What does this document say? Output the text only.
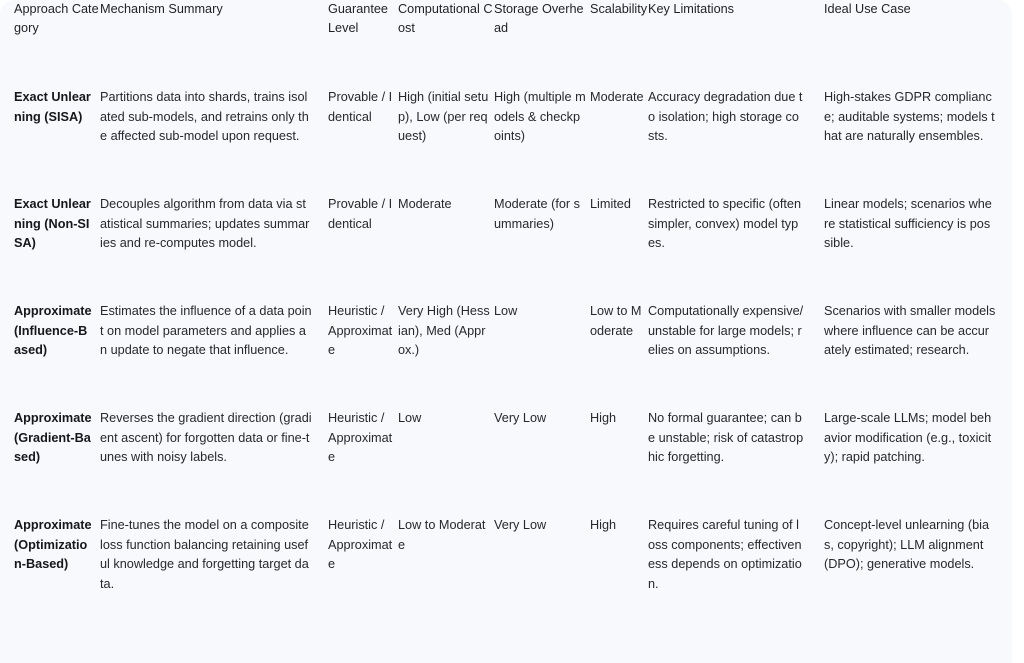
Approach Category	Mechanism Summary	Guarantee Level	Computational Cost	Storage Overhead	Scalability	Key Limitations	Ideal Use Case
Exact Unlearning (SISA)	Partitions data into shards, trains isolated sub-models, and retrains only the affected sub-model upon request.	Provable / Identical	High (initial setup), Low (per request)	High (multiple models & checkpoints)	Moderate	Accuracy degradation due to isolation; high storage costs.	High-stakes GDPR compliance; auditable systems; models that are naturally ensembles.
Exact Unlearning (Non-SISA)	Decouples algorithm from data via statistical summaries; updates summaries and re-computes model.	Provable / Identical	Moderate	Moderate (for summaries)	Limited	Restricted to specific (often simpler, convex) model types.	Linear models; scenarios where statistical sufficiency is possible.
Approximate (Influence-Based)	Estimates the influence of a data point on model parameters and applies an update to negate that influence.	Heuristic / Approximate	Very High (Hessian), Med (Approx.)	Low	Low to Moderate	Computationally expensive/unstable for large models; relies on assumptions.	Scenarios with smaller models where influence can be accurately estimated; research.
Approximate (Gradient-Based)	Reverses the gradient direction (gradient ascent) for forgotten data or fine-tunes with noisy labels.	Heuristic / Approximate	Low	Very Low	High	No formal guarantee; can be unstable; risk of catastrophic forgetting.	Large-scale LLMs; model behavior modification (e.g., toxicity); rapid patching.
Approximate (Optimization-Based)	Fine-tunes the model on a composite loss function balancing retaining useful knowledge and forgetting target data.	Heuristic / Approximate	Low to Moderate	Very Low	High	Requires careful tuning of loss components; effectiveness depends on optimization.	Concept-level unlearning (bias, copyright); LLM alignment (DPO); generative models.
